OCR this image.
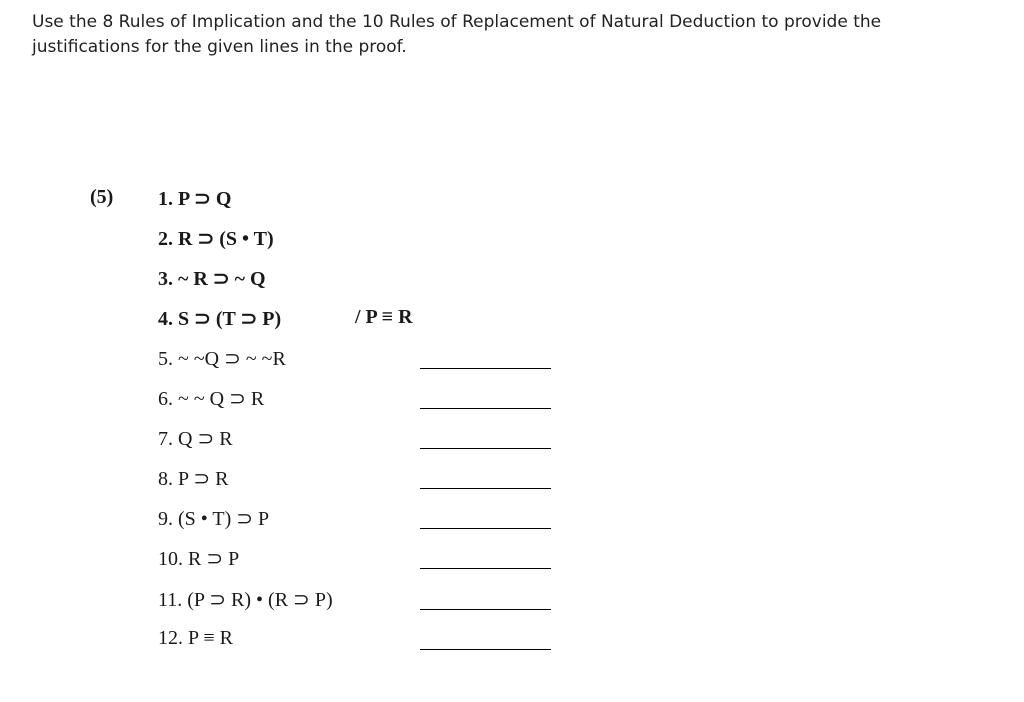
Use the 8 Rules of Implication and the 10 Rules of Replacement of Natural Deduction to provide the justifications for the given lines in the proof.
(5) 1. P ⊃ Q
2. R ⊃ (S • T)
3. ~ R ⊃ ~ Q
4. S ⊃ (T ⊃ P)	/ P ≡ R
5. ~ ~Q ⊃ ~ ~R
6. ~ ~ Q ⊃ R
7. Q ⊃ R
8. P ⊃ R
9. (S • T) ⊃ P
10. R ⊃ P
11. (P ⊃ R) • (R ⊃ P)
12. P ≡ R
